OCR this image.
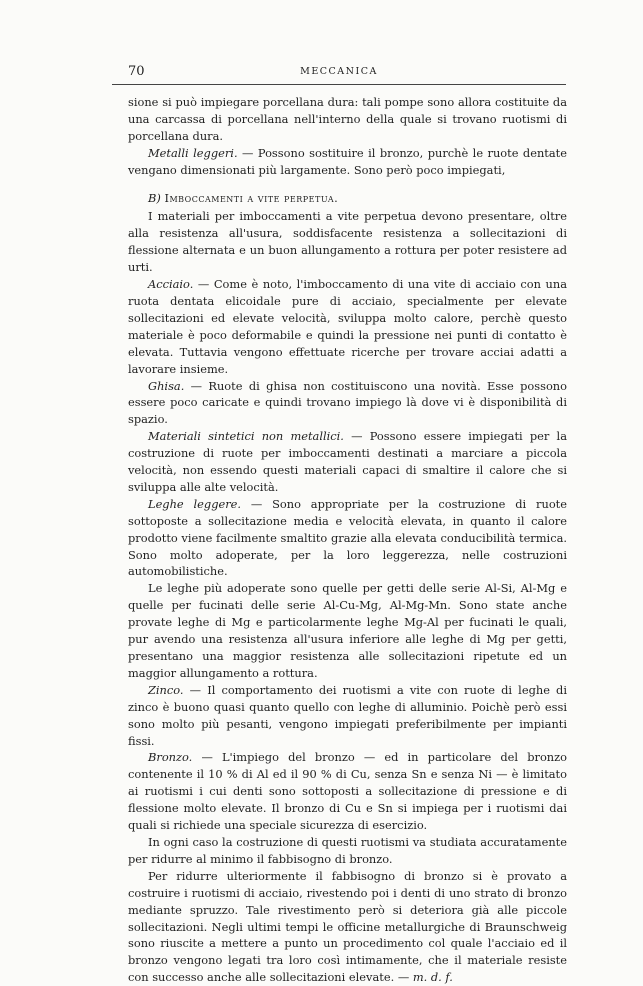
70	MECCANICA

sione si può impiegare porcellana dura: tali pompe sono allora costituite da una carcassa di porcellana nell'interno della quale si trovano ruotismi di porcellana dura.

Metalli leggeri. — Possono sostituire il bronzo, purchè le ruote dentate vengano dimensionati più largamente. Sono però poco impiegati,

B) Imboccamenti a vite perpetua.

I materiali per imboccamenti a vite perpetua devono presentare, oltre alla resistenza all'usura, soddisfacente resistenza a sollecitazioni di flessione alternata e un buon allungamento a rottura per poter resistere ad urti.

Acciaio. — Come è noto, l'imboccamento di una vite di acciaio con una ruota dentata elicoidale pure di acciaio, specialmente per elevate sollecitazioni ed elevate velocità, sviluppa molto calore, perchè questo materiale è poco deformabile e quindi la pressione nei punti di contatto è elevata. Tuttavia vengono effettuate ricerche per trovare acciai adatti a lavorare insieme.

Ghisa. — Ruote di ghisa non costituiscono una novità. Esse possono essere poco caricate e quindi trovano impiego là dove vi è disponibilità di spazio.

Materiali sintetici non metallici. — Possono essere impiegati per la costruzione di ruote per imboccamenti destinati a marciare a piccola velocità, non essendo questi materiali capaci di smaltire il calore che si sviluppa alle alte velocità.

Leghe leggere. — Sono appropriate per la costruzione di ruote sottoposte a sollecitazione media e velocità elevata, in quanto il calore prodotto viene facilmente smaltito grazie alla elevata conducibilità termica. Sono molto adoperate, per la loro leggerezza, nelle costruzioni automobilistiche.

Le leghe più adoperate sono quelle per getti delle serie Al-Si, Al-Mg e quelle per fucinati delle serie Al-Cu-Mg, Al-Mg-Mn. Sono state anche provate leghe di Mg e particolarmente leghe Mg-Al per fucinati le quali, pur avendo una resistenza all'usura inferiore alle leghe di Mg per getti, presentano una maggior resistenza alle sollecitazioni ripetute ed un maggior allungamento a rottura.

Zinco. — Il comportamento dei ruotismi a vite con ruote di leghe di zinco è buono quasi quanto quello con leghe di alluminio. Poichè però essi sono molto più pesanti, vengono impiegati preferibilmente per impianti fissi.

Bronzo. — L'impiego del bronzo — ed in particolare del bronzo contenente il 10 % di Al ed il 90 % di Cu, senza Sn e senza Ni — è limitato ai ruotismi i cui denti sono sottoposti a sollecitazione di pressione e di flessione molto elevate. Il bronzo di Cu e Sn si impiega per i ruotismi dai quali si richiede una speciale sicurezza di esercizio.

In ogni caso la costruzione di questi ruotismi va studiata accuratamente per ridurre al minimo il fabbisogno di bronzo.

Per ridurre ulteriormente il fabbisogno di bronzo si è provato a costruire i ruotismi di acciaio, rivestendo poi i denti di uno strato di bronzo mediante spruzzo. Tale rivestimento però si deteriora già alle piccole sollecitazioni. Negli ultimi tempi le officine metallurgiche di Braunschweig sono riuscite a mettere a punto un procedimento col quale l'acciaio ed il bronzo vengono legati tra loro così intimamente, che il materiale resiste con successo anche alle sollecitazioni elevate. — m. d. f.
